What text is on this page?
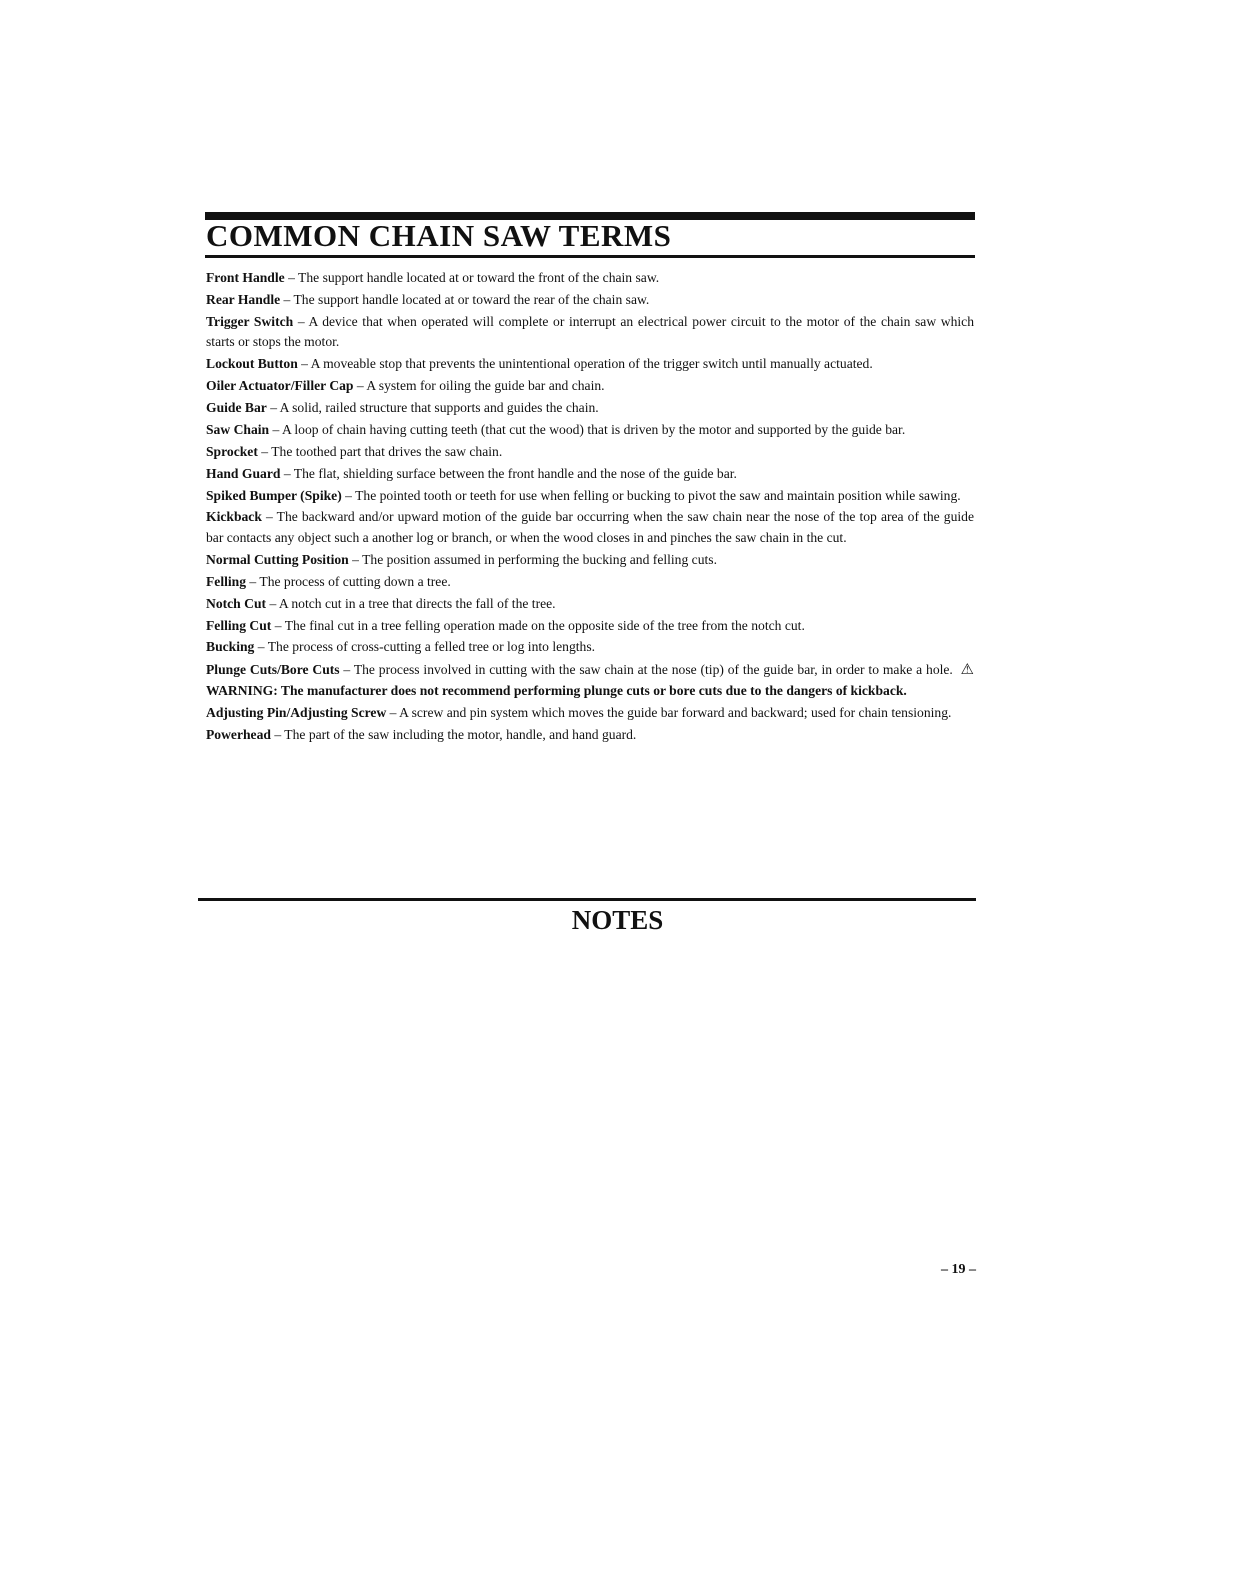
COMMON CHAIN SAW TERMS

Front Handle – The support handle located at or toward the front of the chain saw.

Rear Handle – The support handle located at or toward the rear of the chain saw.

Trigger Switch – A device that when operated will complete or interrupt an electrical power circuit to the motor of the chain saw which starts or stops the motor.

Lockout Button – A moveable stop that prevents the unintentional operation of the trigger switch until manually actuated.

Oiler Actuator/Filler Cap – A system for oiling the guide bar and chain.

Guide Bar – A solid, railed structure that supports and guides the chain.

Saw Chain – A loop of chain having cutting teeth (that cut the wood) that is driven by the motor and supported by the guide bar.

Sprocket – The toothed part that drives the saw chain.

Hand Guard – The flat, shielding surface between the front handle and the nose of the guide bar.

Spiked Bumper (Spike) – The pointed tooth or teeth for use when felling or bucking to pivot the saw and maintain position while sawing.

Kickback – The backward and/or upward motion of the guide bar occurring when the saw chain near the nose of the top area of the guide bar contacts any object such a another log or branch, or when the wood closes in and pinches the saw chain in the cut.

Normal Cutting Position – The position assumed in performing the bucking and felling cuts.

Felling – The process of cutting down a tree.

Notch Cut – A notch cut in a tree that directs the fall of the tree.

Felling Cut – The final cut in a tree felling operation made on the opposite side of the tree from the notch cut.

Bucking – The process of cross-cutting a felled tree or log into lengths.

Plunge Cuts/Bore Cuts – The process involved in cutting with the saw chain at the nose (tip) of the guide bar, in order to make a hole. ⚠ WARNING: The manufacturer does not recommend performing plunge cuts or bore cuts due to the dangers of kickback.

Adjusting Pin/Adjusting Screw – A screw and pin system which moves the guide bar forward and backward; used for chain tensioning.

Powerhead – The part of the saw including the motor, handle, and hand guard.

NOTES
– 19 –
